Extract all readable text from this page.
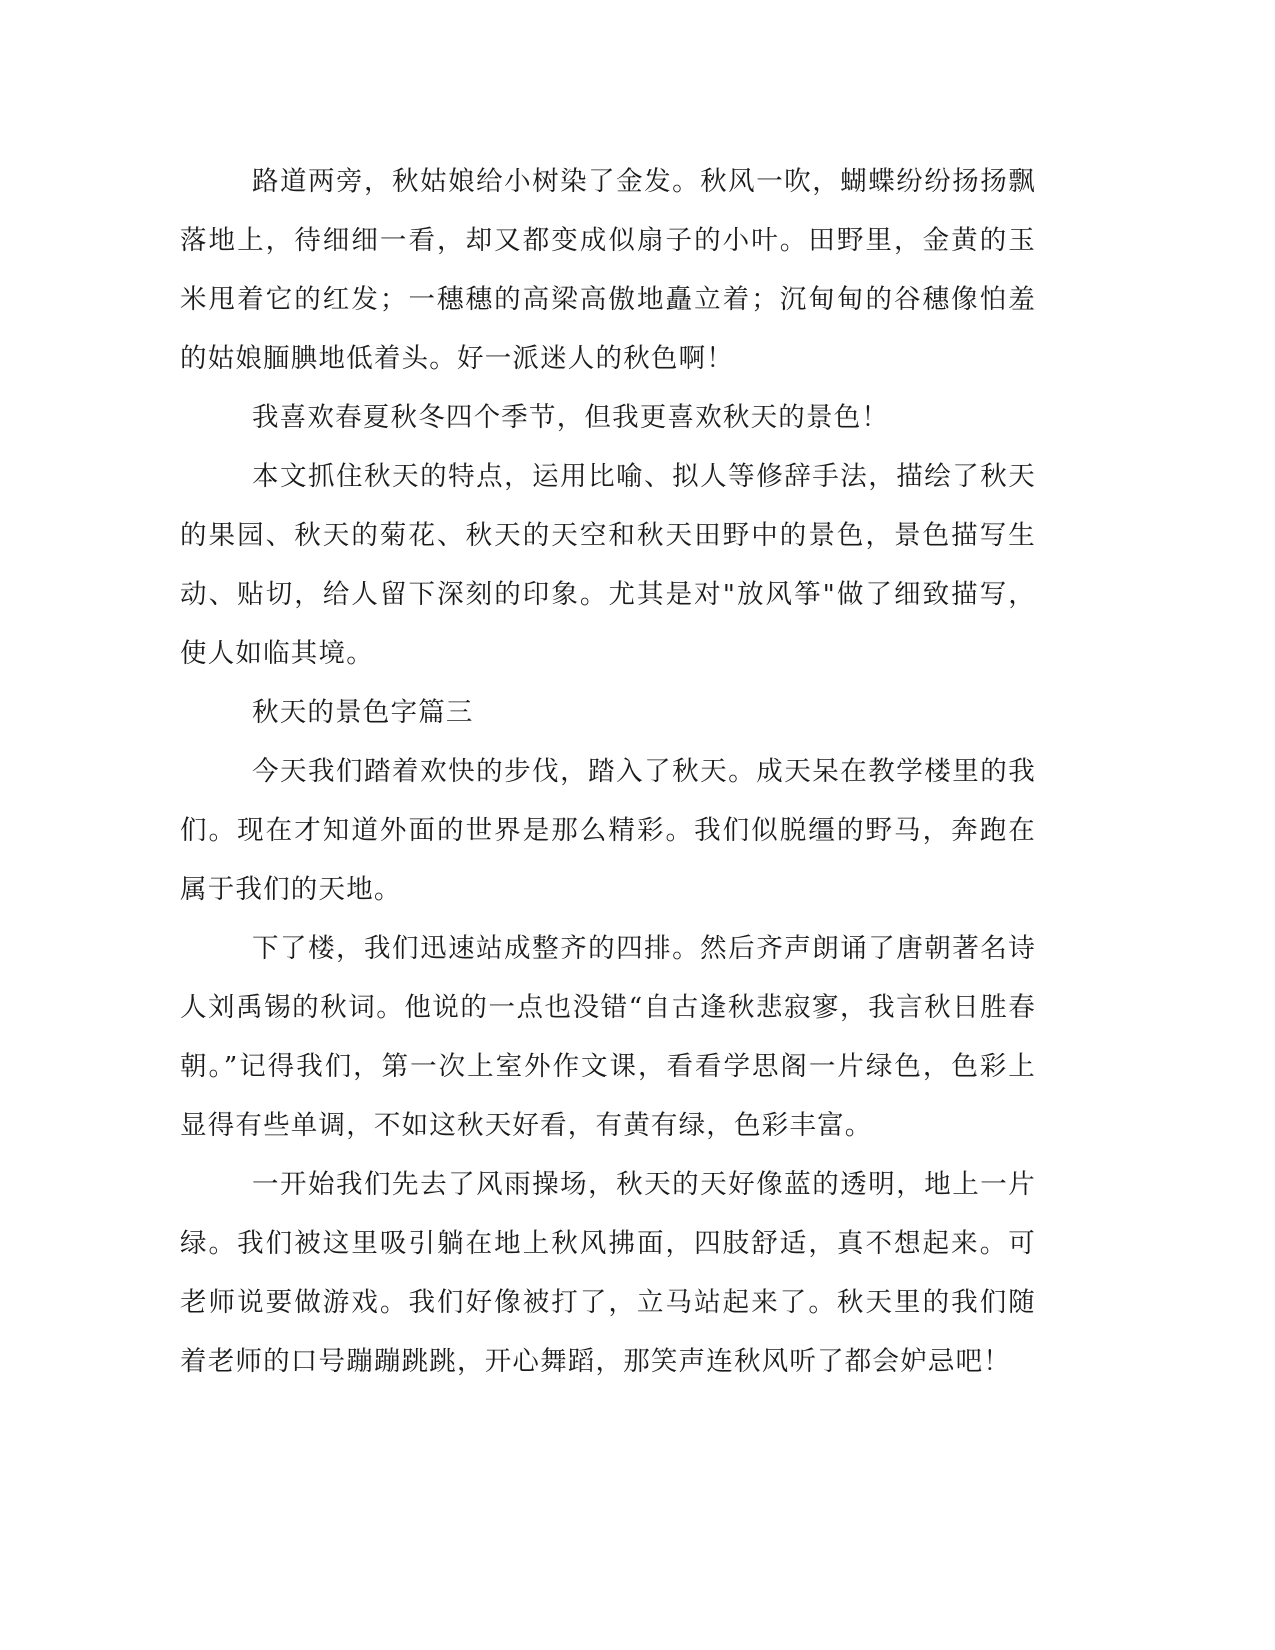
路道两旁，秋姑娘给小树染了金发。秋风一吹，蝴蝶纷纷扬扬飘落地上，待细细一看，却又都变成似扇子的小叶。田野里，金黄的玉米甩着它的红发；一穗穗的高梁高傲地矗立着；沉甸甸的谷穗像怕羞的姑娘腼腆地低着头。好一派迷人的秋色啊！

我喜欢春夏秋冬四个季节，但我更喜欢秋天的景色！

本文抓住秋天的特点，运用比喻、拟人等修辞手法，描绘了秋天的果园、秋天的菊花、秋天的天空和秋天田野中的景色，景色描写生动、贴切，给人留下深刻的印象。尤其是对"放风筝"做了细致描写，使人如临其境。

秋天的景色字篇三

今天我们踏着欢快的步伐，踏入了秋天。成天呆在教学楼里的我们。现在才知道外面的世界是那么精彩。我们似脱缰的野马，奔跑在属于我们的天地。

下了楼，我们迅速站成整齐的四排。然后齐声朗诵了唐朝著名诗人刘禹锡的秋词。他说的一点也没错“自古逢秋悲寂寥，我言秋日胜春朝。”记得我们，第一次上室外作文课，看看学思阁一片绿色，色彩上显得有些单调，不如这秋天好看，有黄有绿，色彩丰富。

一开始我们先去了风雨操场，秋天的天好像蓝的透明，地上一片绿。我们被这里吸引躺在地上秋风拂面，四肢舒适，真不想起来。可老师说要做游戏。我们好像被打了，立马站起来了。秋天里的我们随着老师的口号蹦蹦跳跳，开心舞蹈，那笑声连秋风听了都会妒忌吧！
